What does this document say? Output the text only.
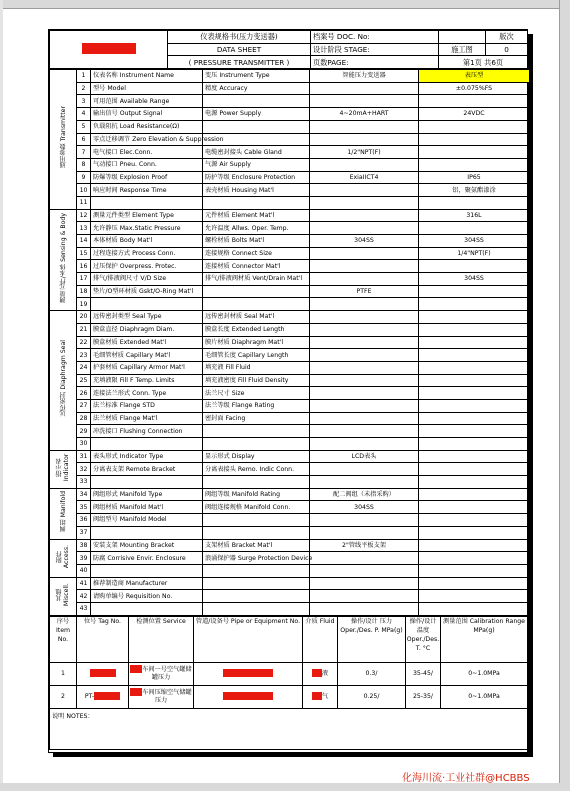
	仪表规格书(压力变送器)	档案号 DOC. No:		版次
	DATA SHEET	设计阶段 STAGE:	施工图	0
	( PRESSURE TRANSMITTER )	页数PAGE:	第1页 共6页	
通用参数 Transmitter	1	仪表名称 Instrument Name	变压 Instrument Type	智能压力变送器	表压型
	2	型号 Model	精度 Accuracy		±0.075%FS
	3	可用范围 Available Range			
	4	输出信号 Output Signal	电源 Power Supply	4~20mA+HART	24VDC
	5	负载阻抗 Load Resistance(Ω)			
	6	零点迁移调节 Zero Elevation & Suppression			
	7	电气接口 Elec.Conn.	电缆密封接头 Cable Gland	1/2"NPT(F)	
	8	气动接口 Pneu. Conn.	气源 Air Supply		
	9	防爆等级 Explosion Proof	防护等级 Enclosure Protection	ExiaIICT4	IP65
	10	响应时间 Response Time	表壳材质 Housing Mat'l		铝，聚氨酯漆涂
	11				
测量元件/本体 Sensing & Body	12	测量元件类型 Element Type	元件材质 Element Mat'l		316L
	13	允许静压 Max.Static Pressure	允许温度 Allws. Oper. Temp.		
	14	本体材质 Body Mat'l	螺栓材质 Bolts Mat'l	304SS	304SS
	15	过程连接方式 Process Conn.	连接规格 Connect Size		1/4"NPT(F)
	16	过压保护 Overpress. Protec.	连接材质 Connector Mat'l		
	17	排气/排液阀尺寸 V/D Size	排气/排液阀材质 Vent/Drain Mat'l		304SS
	18	垫片/O型环材质 Gskt/O-Ring Mat'l		PTFE	
	19				
远传密封 Diaphragm Seal	20	远传密封类型 Seal Type	远传密封材质 Seal Mat'l		
	21	膜盒直径 Diaphragm Diam.	膜盒长度 Extended Length		
	22	膜盒材质 Extended Mat'l	膜片材质 Diaphragm Mat'l		
	23	毛细管材质 Capillary Mat'l	毛细管长度 Capillary Length		
	24	护套材质 Capillary Armor Mat'l	填充液 Fill Fluid		
	25	充填液限 Fill F Temp. Limits	填充液密度 Fill Fluid Density		
	26	连接法兰形式 Conn. Type	法兰尺寸 Size		
	27	法兰标准 Flange STD	法兰等级 Flange Rating		
	28	法兰材质 Flange Mat'l	密封面 Facing		
	29	冲洗接口 Flushing Connection			
	30				
指示表 Indicator	31	表头形式 Indicator Type	显示形式 Display	LCD表头	
	32	分离表支架 Remote Bracket	分离表接头 Remo. Indic Conn.		
	33				
阀组 Manifold	34	阀组形式 Manifold Type	阀组等级 Manifold Rating	配二阀组（未指采购）	
	35	阀组材质 Manifold Mat'l	阀组连接规格 Manifold Conn.	304SS	
	36	阀组型号 Manifold Model			
	37				
附件 Access.	38	安装支架 Mounting Bracket	支架材质 Bracket Mat'l	2"管线平板支架	
	39	防腐 Corrisive Envir. Enclosure	浪涌保护器 Surge Protection Device		
	40				
其他 Miscell.	41	推荐制造商 Manufacturer			
	42	请购单编号 Requisition No.			
	43				
序号 Item No.	位号 Tag No.	检测位置 Service	管道/设备号 Pipe or Equipment No.	介质 Fluid	操作/设计 压力 Oper./Des. P. MPa(g)	操作/设计 温度 Oper./Des. T. °C	测量范围 Calibration Range MPa(g)
1		车间一号空气罐储罐压力		液	0.3/	35-45/	0~1.0MPa
2	PT-	车间压缩空气储罐压力		气	0.25/	25-35/	0~1.0MPa
说明 NOTES：							
化海川流·工业社群@HCBBS
